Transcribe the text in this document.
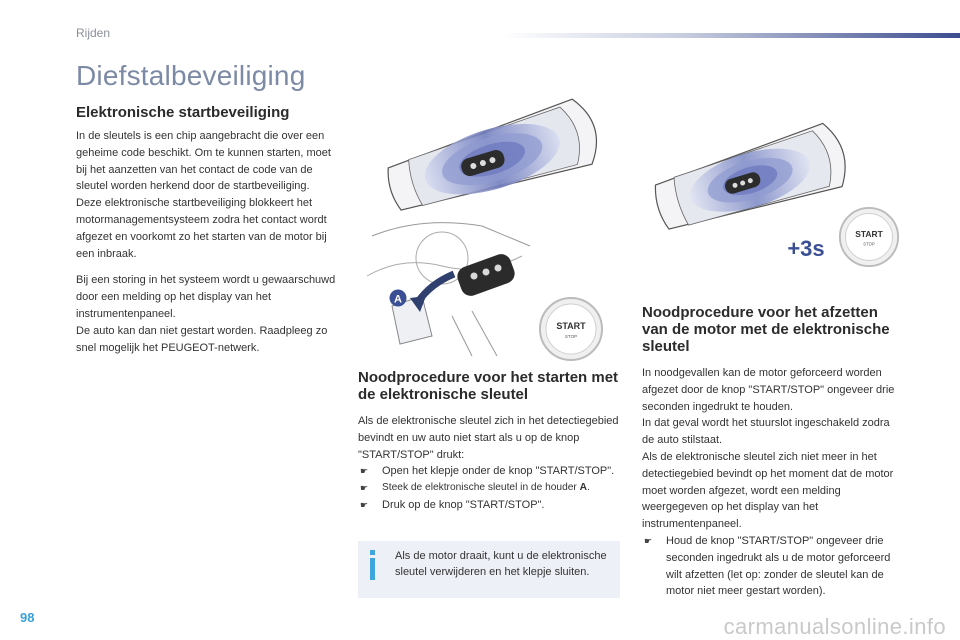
Rijden
Diefstalbeveiliging
Elektronische startbeveiliging

In de sleutels is een chip aangebracht die over een geheime code beschikt. Om te kunnen starten, moet bij het aanzetten van het contact de code van de sleutel worden herkend door de startbeveiliging.

Deze elektronische startbeveiliging blokkeert het motormanagementsysteem zodra het contact wordt afgezet en voorkomt zo het starten van de motor bij een inbraak.

Bij een storing in het systeem wordt u gewaarschuwd door een melding op het display van het instrumentenpaneel.

De auto kan dan niet gestart worden. Raadpleeg zo snel mogelijk het PEUGEOT-netwerk.

A
START
STOP
Noodprocedure voor het starten met de elektronische sleutel

Als de elektronische sleutel zich in het detectiegebied bevindt en uw auto niet start als u op de knop "START/STOP" drukt:

☛ Open het klepje onder de knop "START/STOP".
☛ Steek de elektronische sleutel in de houder A.
☛ Druk op de knop "START/STOP".
Als de motor draait, kunt u de elektronische sleutel verwijderen en het klepje sluiten.
+3s
START
STOP
Noodprocedure voor het afzetten van de motor met de elektronische sleutel

In noodgevallen kan de motor geforceerd worden afgezet door de knop "START/STOP" ongeveer drie seconden ingedrukt te houden.

In dat geval wordt het stuurslot ingeschakeld zodra de auto stilstaat.

Als de elektronische sleutel zich niet meer in het detectiegebied bevindt op het moment dat de motor moet worden afgezet, wordt een melding weergegeven op het display van het instrumentenpaneel.

☛ Houd de knop "START/STOP" ongeveer drie seconden ingedrukt als u de motor geforceerd wilt afzetten (let op: zonder de sleutel kan de motor niet meer gestart worden).
98	carmanualsonline.info
